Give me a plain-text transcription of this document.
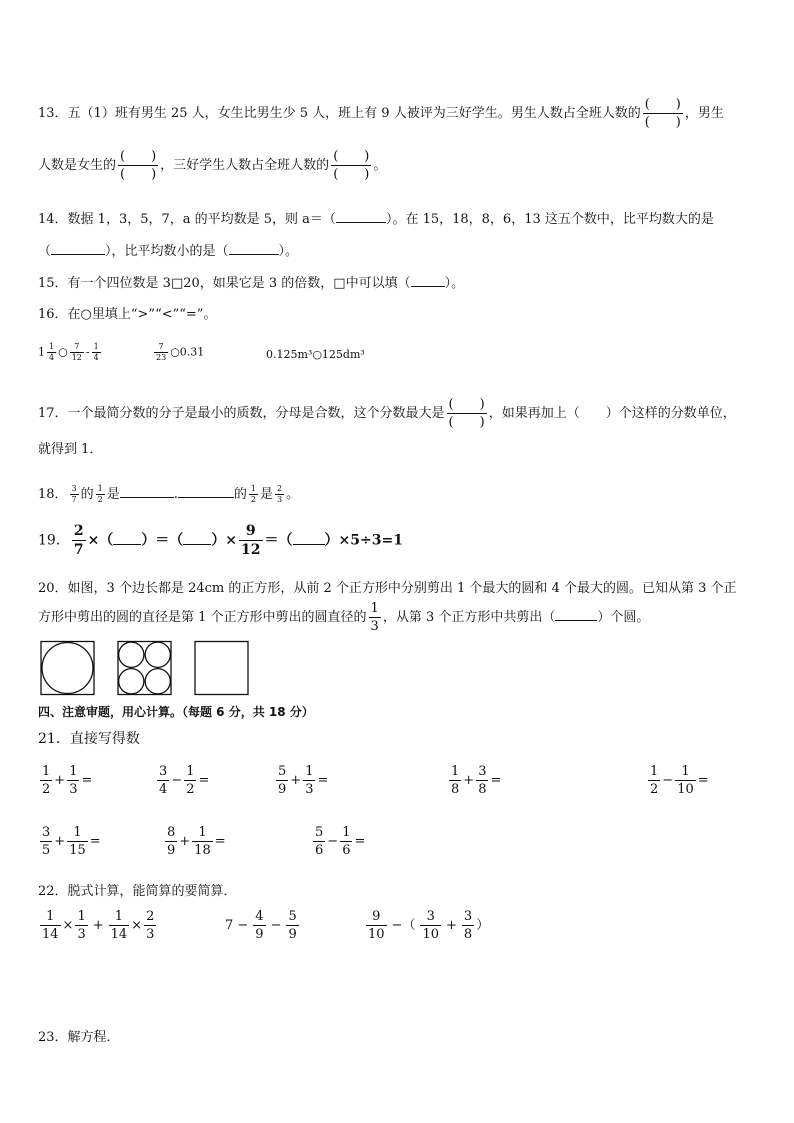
13．五（1）班有男生 25 人，女生比男生少 5 人，班上有 9 人被评为三好学生。男生人数占全班人数的 $\frac{( )}{( )}$ ，男生
人数是女生的 $\frac{( )}{( )}$ ，三好学生人数占全班人数的 $\frac{( )}{( )}$ 。
14．数据 1，3，5，7，a 的平均数是 5，则 a＝（	）。在 15，18，8，6，13 这五个数中，比平均数大的是
（	），比平均数小的是（	）。
15．有一个四位数是 3□20，如果它是 3 的倍数，□中可以填（	）。
16．在○里填上“>”“<”“=”。
$1 \frac{1}{4}$ ○ $\frac{7}{12} - \frac{1}{4}$	$\frac{7}{23}$ ○0.31	0.125m³○125dm³
17．一个最简分数的分子是最小的质数，分母是合数，这个分数最大是 $\frac{( )}{( )}$ ，如果再加上（　　）个这样的分数单位，
就得到 1．
18． $\frac{3}{7}$ 的 $\frac{1}{2}$ 是	.	的 $\frac{1}{2}$ 是 $\frac{2}{3}$ 。
19． $\frac{2}{7}$ ×（ ）＝（ ）× $\frac{9}{12}$ ＝（ ）×5÷3=1
20．如图，3 个边长都是 24cm 的正方形，从前 2 个正方形中分别剪出 1 个最大的圆和 4 个最大的圆。已知从第 3 个正
方形中剪出的圆的直径是第 1 个正方形中剪出的圆直径的 $\frac{1}{3}$ ，从第 3 个正方形中共剪出（	）个圆。
四、注意审题，用心计算。（每题 6 分，共 18 分）
21．直接写得数
$\frac{1}{2} + \frac{1}{3}$ =	$\frac{3}{4} - \frac{1}{2}$ =	$\frac{5}{9} + \frac{1}{3}$ =	$\frac{1}{8} + \frac{3}{8}$ =	$\frac{1}{2} - \frac{1}{10}$ =
$\frac{3}{5} + \frac{1}{15}$ =	$\frac{8}{9} + \frac{1}{18}$ =	$\frac{5}{6} - \frac{1}{6}$ =
22．脱式计算，能简算的要简算．
$\frac{1}{14} \times \frac{1}{3} + \frac{1}{14} \times \frac{2}{3}$	$7 - \frac{4}{9} - \frac{5}{9}$	$\frac{9}{10}$ −（ $\frac{3}{10} + \frac{3}{8}$ ）
23．解方程．
